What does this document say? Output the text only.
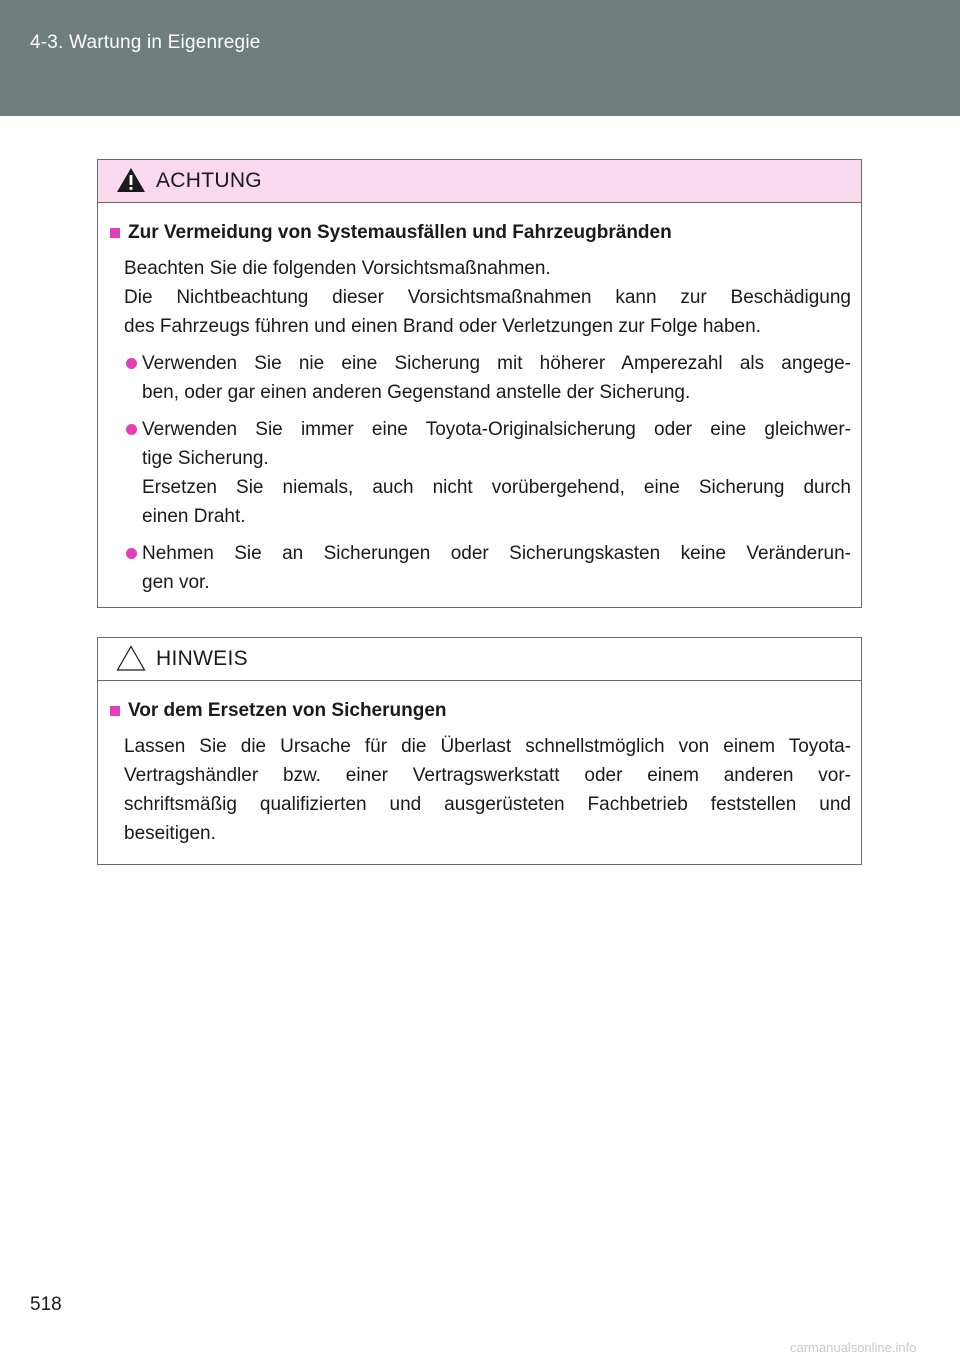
4-3. Wartung in Eigenregie
ACHTUNG
Zur Vermeidung von Systemausfällen und Fahrzeugbränden
Beachten Sie die folgenden Vorsichtsmaßnahmen.
Die Nichtbeachtung dieser Vorsichtsmaßnahmen kann zur Beschädigung
des Fahrzeugs führen und einen Brand oder Verletzungen zur Folge haben.
Verwenden Sie nie eine Sicherung mit höherer Amperezahl als angege-
ben, oder gar einen anderen Gegenstand anstelle der Sicherung.
Verwenden Sie immer eine Toyota-Originalsicherung oder eine gleichwer-
tige Sicherung.
Ersetzen Sie niemals, auch nicht vorübergehend, eine Sicherung durch
einen Draht.
Nehmen Sie an Sicherungen oder Sicherungskasten keine Veränderun-
gen vor.
HINWEIS
Vor dem Ersetzen von Sicherungen
Lassen Sie die Ursache für die Überlast schnellstmöglich von einem Toyota-
Vertragshändler bzw. einer Vertragswerkstatt oder einem anderen vor-
schriftsmäßig qualifizierten und ausgerüsteten Fachbetrieb feststellen und
beseitigen.
518
carmanualsonline.info
